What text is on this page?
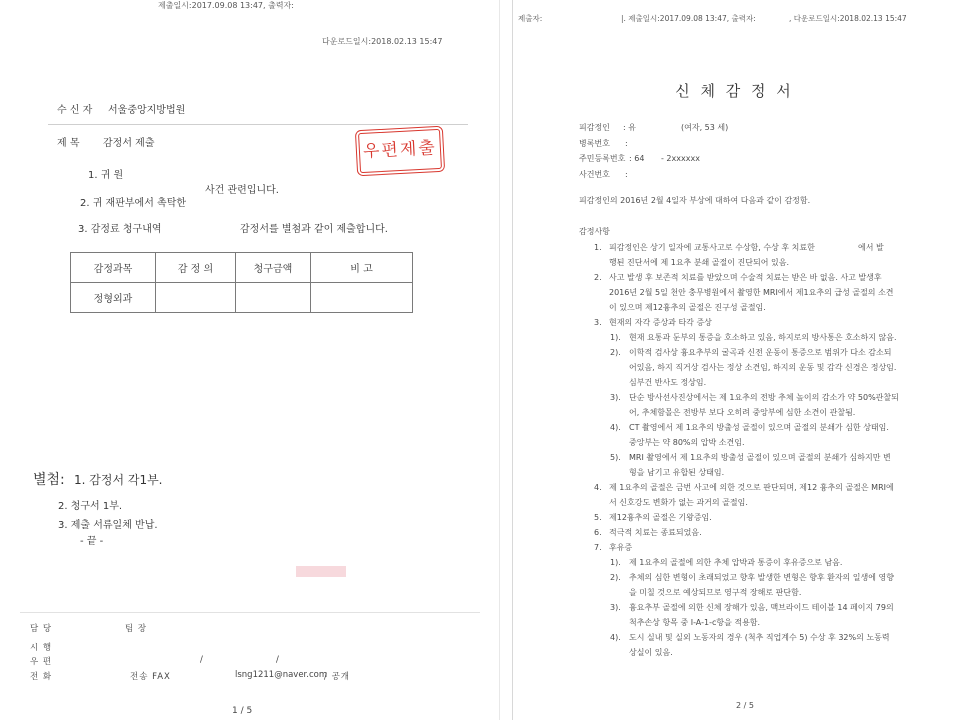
제출일시:2017.09.08 13:47, 출력자:
다운로드일시:2018.02.13 15:47
수 신 자 서울중앙지방법원
제 목 감정서 제출	우편제출
1. 귀 원
사건 관련입니다.
2. 귀 재판부에서 촉탁한
감정서를 별첨과 같이 제출합니다.
3. 감정료 청구내역
감정과목	감 정 의	청구금액	비 고
정형외과			
별첨: 1. 감정서 각1부.
2. 청구서 1부.
3. 제출 서류일체 반납.
- 끝 -
담 당	팀 장
시 행
우 편	/	/
전 화	전송 FAX	lsng1211@naver.com
/ 공개
1 / 5
제출자:	|. 제출일시:2017.09.08 13:47, 출력자:	, 다운로드일시:2018.02.13 15:47
신 체 감 정 서
피감정인 : 유	(여자, 53 세)
병록번호 :
주민등록번호 : 64 - 2xxxxxx
사건번호 :
피감정인의 2016년 2월 4일자 부상에 대하여 다음과 같이 감정함.
감정사항
1. 피감정인은 상기 일자에 교통사고로 수상함, 수상 후 치료한	에서 발
행된 진단서에 제 1요추 분쇄 골절이 진단되어 있음.
2. 사고 발생 후 보존적 치료를 받았으며 수술적 치료는 받은 바 없음. 사고 발생후
2016년 2월 5일 천안 충무병원에서 촬영한 MRI에서 제1요추의 급성 골절의 소견
이 있으며 제12흉추의 골절은 진구성 골절임.
3. 현재의 자각 증상과 타각 증상
1). 현재 요통과 둔부의 통증을 호소하고 있음, 하지로의 방사통은 호소하지 않음.
2). 이학적 검사상 흉요추부의 굴곡과 신전 운동이 통증으로 범위가 다소 감소되
어있음, 하지 직거상 검사는 정상 소견임, 하지의 운동 및 감각 신경은 정상임.
심부건 반사도 정상임.
3). 단순 방사선사진상에서는 제 1요추의 전방 추체 높이의 감소가 약 50%관찰되
어, 추체함몰은 전방부 보다 오히려 중앙부에 심한 소견이 관찰됨.
4). CT 촬영에서 제 1요추의 방출성 골절이 있으며 골절의 분쇄가 심한 상태임.
중앙부는 약 80%의 압박 소견임.
5). MRI 촬영에서 제 1요추의 방출성 골절이 있으며 골절의 분쇄가 심하지만 변
형을 남기고 유합된 상태임.
4. 제 1요추의 골절은 금번 사고에 의한 것으로 판단되며, 제12 흉추의 골절은 MRI에
서 신호강도 변화가 없는 과거의 골절임.
5. 제12흉추의 골절은 기왕증임.
6. 적극적 치료는 종료되었음.
7. 후유증
1). 제 1요추의 골절에 의한 추체 압박과 통증이 후유증으로 남음.
2). 추체의 심한 변형이 초래되었고 향후 발생한 변형은 향후 환자의 일생에 영향
을 미칠 것으로 예상되므로 영구적 장해로 판단함.
3). 흉요추부 골절에 의한 신체 장해가 있음, 맥브라이드 테이블 14 페이지 79의
척추손상 항목 중 I-A-1-c항을 적용함.
4). 도시 실내 및 실외 노동자의 경우 (척추 직업계수 5) 수상 후 32%의 노동력
상실이 있음.
2 / 5
